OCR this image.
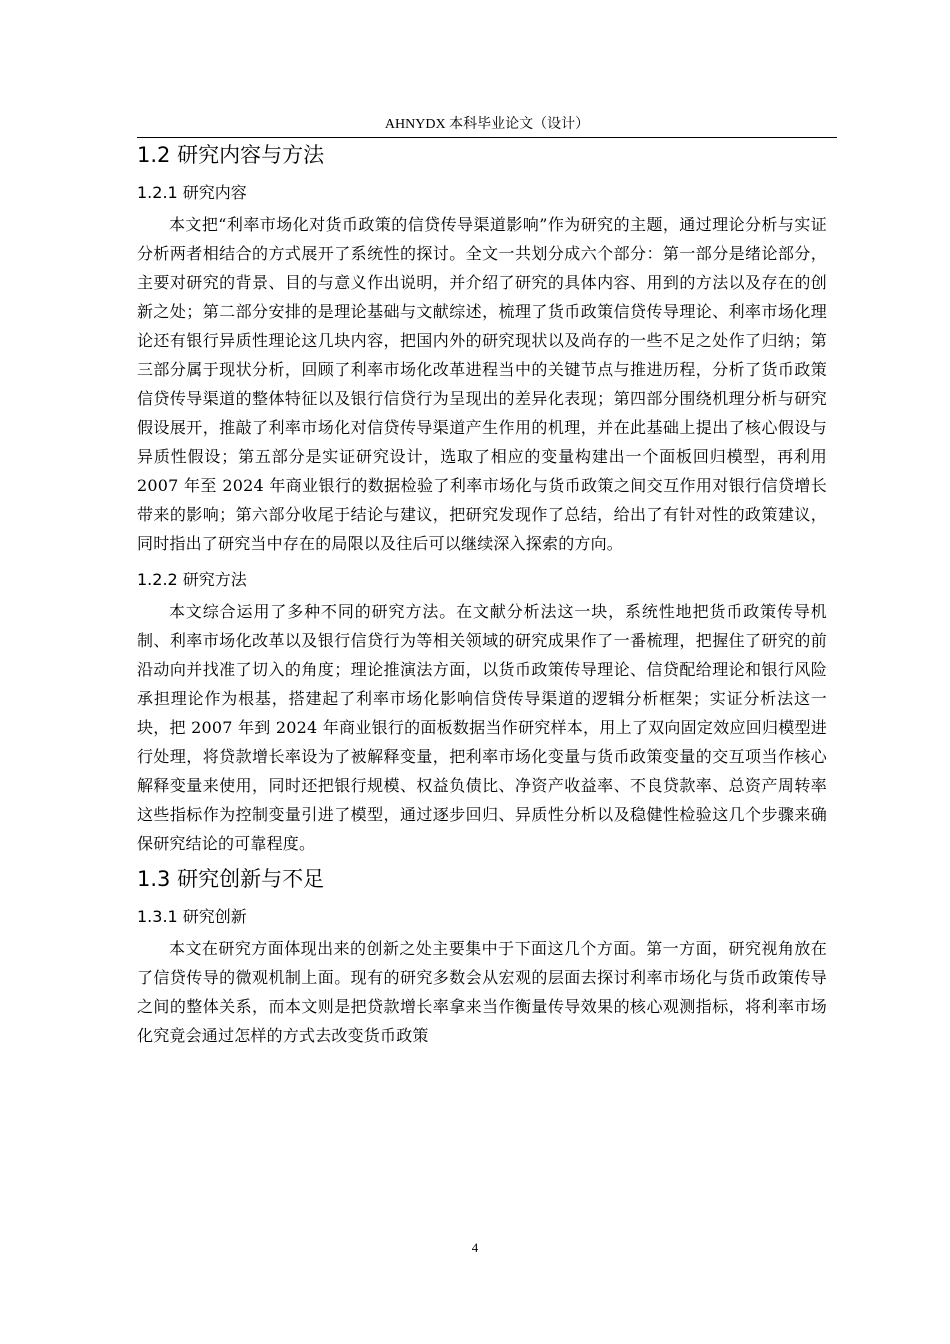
AHNYDX 本科毕业论文（设计）
1.2 研究内容与方法
1.2.1 研究内容

本文把“利率市场化对货币政策的信贷传导渠道影响”作为研究的主题，通过理论分析与实证分析两者相结合的方式展开了系统性的探讨。全文一共划分成六个部分：第一部分是绪论部分，主要对研究的背景、目的与意义作出说明，并介绍了研究的具体内容、用到的方法以及存在的创新之处；第二部分安排的是理论基础与文献综述，梳理了货币政策信贷传导理论、利率市场化理论还有银行异质性理论这几块内容，把国内外的研究现状以及尚存的一些不足之处作了归纳；第三部分属于现状分析，回顾了利率市场化改革进程当中的关键节点与推进历程，分析了货币政策信贷传导渠道的整体特征以及银行信贷行为呈现出的差异化表现；第四部分围绕机理分析与研究假设展开，推敲了利率市场化对信贷传导渠道产生作用的机理，并在此基础上提出了核心假设与异质性假设；第五部分是实证研究设计，选取了相应的变量构建出一个面板回归模型，再利用 2007 年至 2024 年商业银行的数据检验了利率市场化与货币政策之间交互作用对银行信贷增长带来的影响；第六部分收尾于结论与建议，把研究发现作了总结，给出了有针对性的政策建议，同时指出了研究当中存在的局限以及往后可以继续深入探索的方向。

1.2.2 研究方法

本文综合运用了多种不同的研究方法。在文献分析法这一块，系统性地把货币政策传导机制、利率市场化改革以及银行信贷行为等相关领域的研究成果作了一番梳理，把握住了研究的前沿动向并找准了切入的角度；理论推演法方面，以货币政策传导理论、信贷配给理论和银行风险承担理论作为根基，搭建起了利率市场化影响信贷传导渠道的逻辑分析框架；实证分析法这一块，把 2007 年到 2024 年商业银行的面板数据当作研究样本，用上了双向固定效应回归模型进行处理，将贷款增长率设为了被解释变量，把利率市场化变量与货币政策变量的交互项当作核心解释变量来使用，同时还把银行规模、权益负债比、净资产收益率、不良贷款率、总资产周转率这些指标作为控制变量引进了模型，通过逐步回归、异质性分析以及稳健性检验这几个步骤来确保研究结论的可靠程度。

1.3 研究创新与不足
1.3.1 研究创新

本文在研究方面体现出来的创新之处主要集中于下面这几个方面。第一方面，研究视角放在了信贷传导的微观机制上面。现有的研究多数会从宏观的层面去探讨利率市场化与货币政策传导之间的整体关系，而本文则是把贷款增长率拿来当作衡量传导效果的核心观测指标，将利率市场化究竟会通过怎样的方式去改变货币政策

4
